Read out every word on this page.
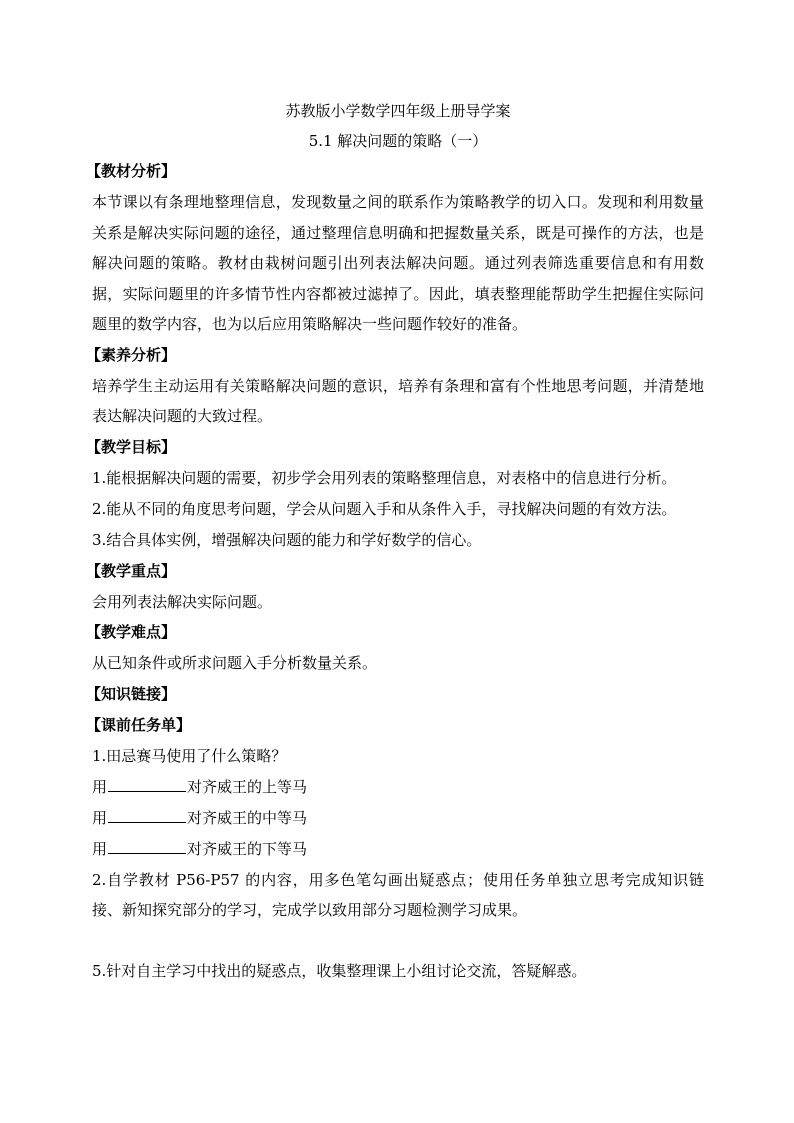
苏教版小学数学四年级上册导学案
5.1 解决问题的策略（一）
【教材分析】
本节课以有条理地整理信息，发现数量之间的联系作为策略教学的切入口。发现和利用数量关系是解决实际问题的途径，通过整理信息明确和把握数量关系，既是可操作的方法，也是解决问题的策略。教材由栽树问题引出列表法解决问题。通过列表筛选重要信息和有用数据，实际问题里的许多情节性内容都被过滤掉了。因此，填表整理能帮助学生把握住实际问题里的数学内容，也为以后应用策略解决一些问题作较好的准备。
【素养分析】
培养学生主动运用有关策略解决问题的意识，培养有条理和富有个性地思考问题，并清楚地表达解决问题的大致过程。
【教学目标】
1.能根据解决问题的需要，初步学会用列表的策略整理信息，对表格中的信息进行分析。
2.能从不同的角度思考问题，学会从问题入手和从条件入手，寻找解决问题的有效方法。
3.结合具体实例，增强解决问题的能力和学好数学的信心。
【教学重点】
会用列表法解决实际问题。
【教学难点】
从已知条件或所求问题入手分析数量关系。
【知识链接】
【课前任务单】
1.田忌赛马使用了什么策略？
用	对齐威王的上等马
用	对齐威王的中等马
用	对齐威王的下等马
2.自学教材 P56-P57 的内容，用多色笔勾画出疑惑点；使用任务单独立思考完成知识链接、新知探究部分的学习，完成学以致用部分习题检测学习成果。
5.针对自主学习中找出的疑惑点，收集整理课上小组讨论交流，答疑解惑。
